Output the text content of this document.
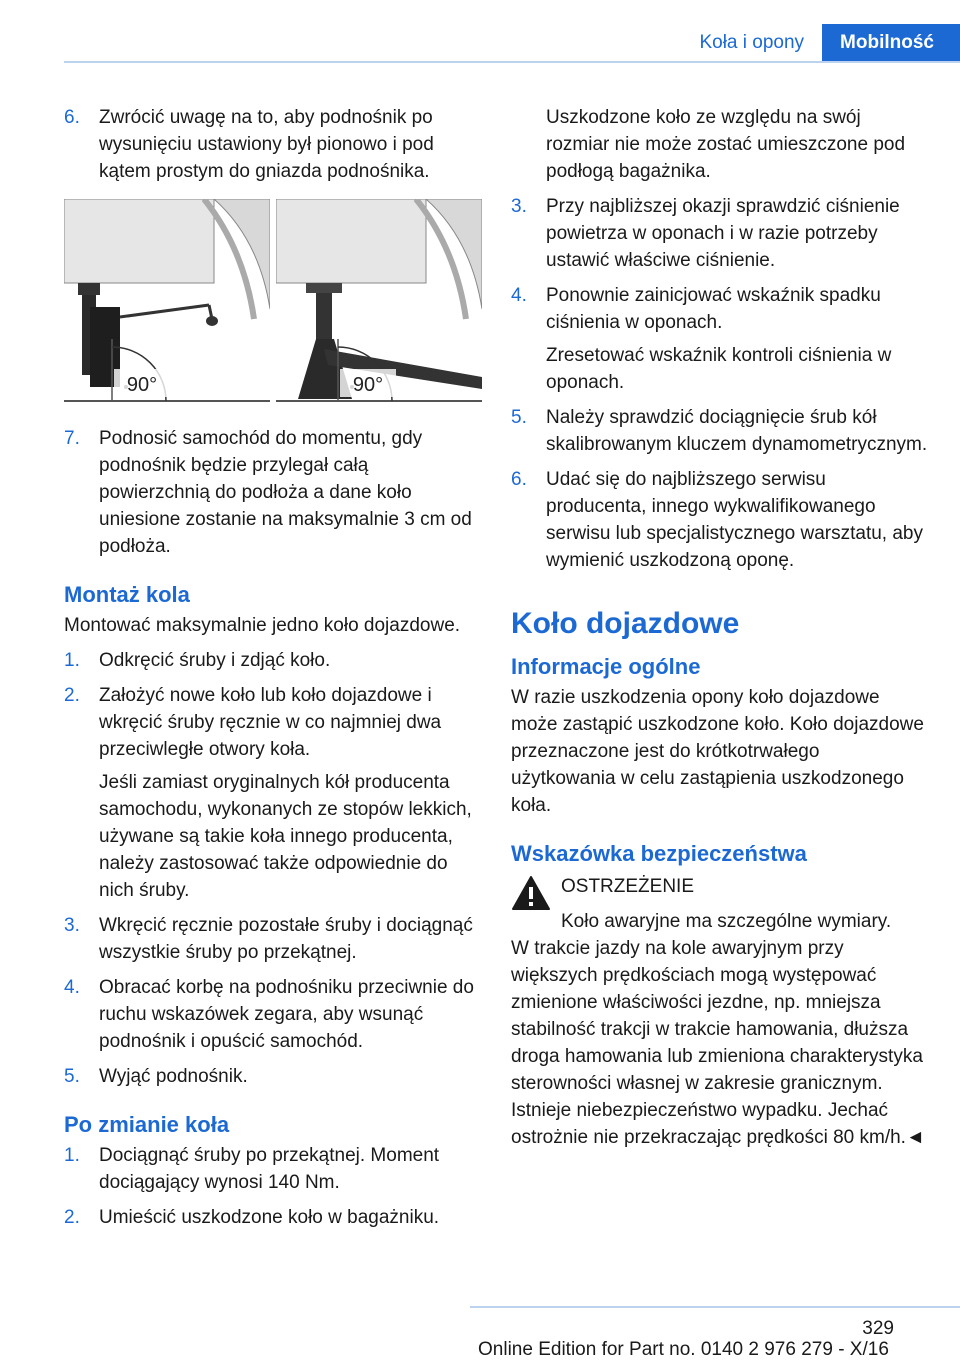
Koła i opony	Mobilność
6.	Zwrócić uwagę na to, aby podnośnik po wysunięciu ustawiony był pionowo i pod kątem prostym do gniazda podnośnika.
90°	90°
7.	Podnosić samochód do momentu, gdy podnośnik będzie przylegał całą powierzchnią do podłoża a dane koło uniesione zostanie na maksymalnie 3 cm od podłoża.
Montaż kola

Montować maksymalnie jedno koło dojazdowe.

1.	Odkręcić śruby i zdjąć koło.
2.	Założyć nowe koło lub koło dojazdowe i wkręcić śruby ręcznie w co najmniej dwa przeciwległe otwory koła.
Jeśli zamiast oryginalnych kół producenta samochodu, wykonanych ze stopów lekkich, używane są takie koła innego producenta, należy zastosować także odpowiednie do nich śruby.
3.	Wkręcić ręcznie pozostałe śruby i dociągnąć wszystkie śruby po przekątnej.
4.	Obracać korbę na podnośniku przeciwnie do ruchu wskazówek zegara, aby wsunąć podnośnik i opuścić samochód.
5.	Wyjąć podnośnik.
Po zmianie koła
1.	Dociągnąć śruby po przekątnej. Moment dociągający wynosi 140 Nm.
2.	Umieścić uszkodzone koło w bagażniku.
Uszkodzone koło ze względu na swój rozmiar nie może zostać umieszczone pod podłogą bagażnika.
3.	Przy najbliższej okazji sprawdzić ciśnienie powietrza w oponach i w razie potrzeby ustawić właściwe ciśnienie.
4.	Ponownie zainicjować wskaźnik spadku ciśnienia w oponach.
Zresetować wskaźnik kontroli ciśnienia w oponach.
5.	Należy sprawdzić dociągnięcie śrub kół skalibrowanym kluczem dynamometrycznym.
6.	Udać się do najbliższego serwisu producenta, innego wykwalifikowanego serwisu lub specjalistycznego warsztatu, aby wymienić uszkodzoną oponę.
Koło dojazdowe
Informacje ogólne

W razie uszkodzenia opony koło dojazdowe może zastąpić uszkodzone koło. Koło dojazdowe przeznaczone jest do krótkotrwałego użytkowania w celu zastąpienia uszkodzonego koła.

Wskazówka bezpieczeństwa
OSTRZEŻENIE
Koło awaryjne ma szczególne wymiary.

W trakcie jazdy na kole awaryjnym przy większych prędkościach mogą występować zmienione właściwości jezdne, np. mniejsza stabilność trakcji w trakcie hamowania, dłuższa droga hamowania lub zmieniona charakterystyka sterowności własnej w zakresie granicznym. Istnieje niebezpieczeństwo wypadku. Jechać ostrożnie nie przekraczając prędkości 80 km/h.◄

329
Online Edition for Part no. 0140 2 976 279 - X/16
